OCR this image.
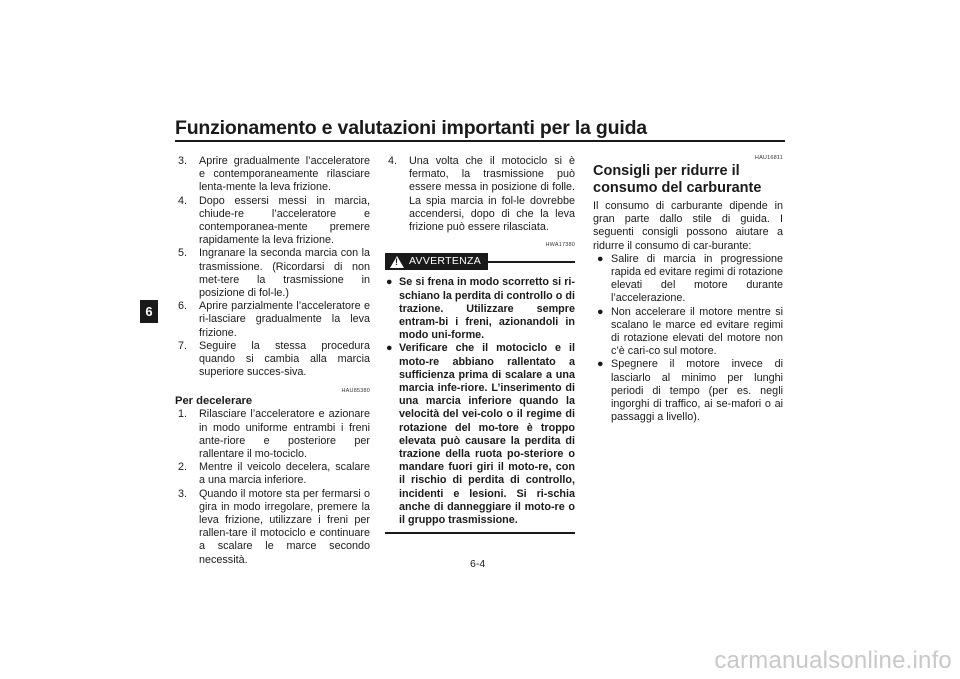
Funzionamento e valutazioni importanti per la guida
6
3.	Aprire gradualmente l’acceleratore e contemporaneamente rilasciare lenta-mente la leva frizione.
4.	Dopo essersi messi in marcia, chiude-re l’acceleratore e contemporanea-mente premere rapidamente la leva frizione.
5.	Ingranare la seconda marcia con la trasmissione. (Ricordarsi di non met-tere la trasmissione in posizione di fol-le.)
6.	Aprire parzialmente l’acceleratore e ri-lasciare gradualmente la leva frizione.
7.	Seguire la stessa procedura quando si cambia alla marcia superiore succes-siva.
HAU85380
Per decelerare
1.	Rilasciare l’acceleratore e azionare in modo uniforme entrambi i freni ante-riore e posteriore per rallentare il mo-tociclo.
2.	Mentre il veicolo decelera, scalare a una marcia inferiore.
3.	Quando il motore sta per fermarsi o gira in modo irregolare, premere la leva frizione, utilizzare i freni per rallen-tare il motociclo e continuare a scalare le marce secondo necessità.
4.	Una volta che il motociclo si è fermato, la trasmissione può essere messa in posizione di folle. La spia marcia in fol-le dovrebbe accendersi, dopo di che la leva frizione può essere rilasciata.
HWA17380
!
AVVERTENZA
● Se si frena in modo scorretto si ri-schiano la perdita di controllo o di trazione. Utilizzare sempre entram-bi i freni, azionandoli in modo uni-forme.
● Verificare che il motociclo e il moto-re abbiano rallentato a sufficienza prima di scalare a una marcia infe-riore. L’inserimento di una marcia inferiore quando la velocità del vei-colo o il regime di rotazione del mo-tore è troppo elevata può causare la perdita di trazione della ruota po-steriore o mandare fuori giri il moto-re, con il rischio di perdita di controllo, incidenti e lesioni. Si ri-schia anche di danneggiare il moto-re o il gruppo trasmissione.
HAU16811
Consigli per ridurre il consumo del carburante
Il consumo di carburante dipende in gran parte dallo stile di guida. I seguenti consigli possono aiutare a ridurre il consumo di car-burante:
● Salire di marcia in progressione rapida ed evitare regimi di rotazione elevati del motore durante l’accelerazione.
● Non accelerare il motore mentre si scalano le marce ed evitare regimi di rotazione elevati del motore non c’è cari-co sul motore.
● Spegnere il motore invece di lasciarlo al minimo per lunghi periodi di tempo (per es. negli ingorghi di traffico, ai se-mafori o ai passaggi a livello).
6-4
carmanualsonline.info
